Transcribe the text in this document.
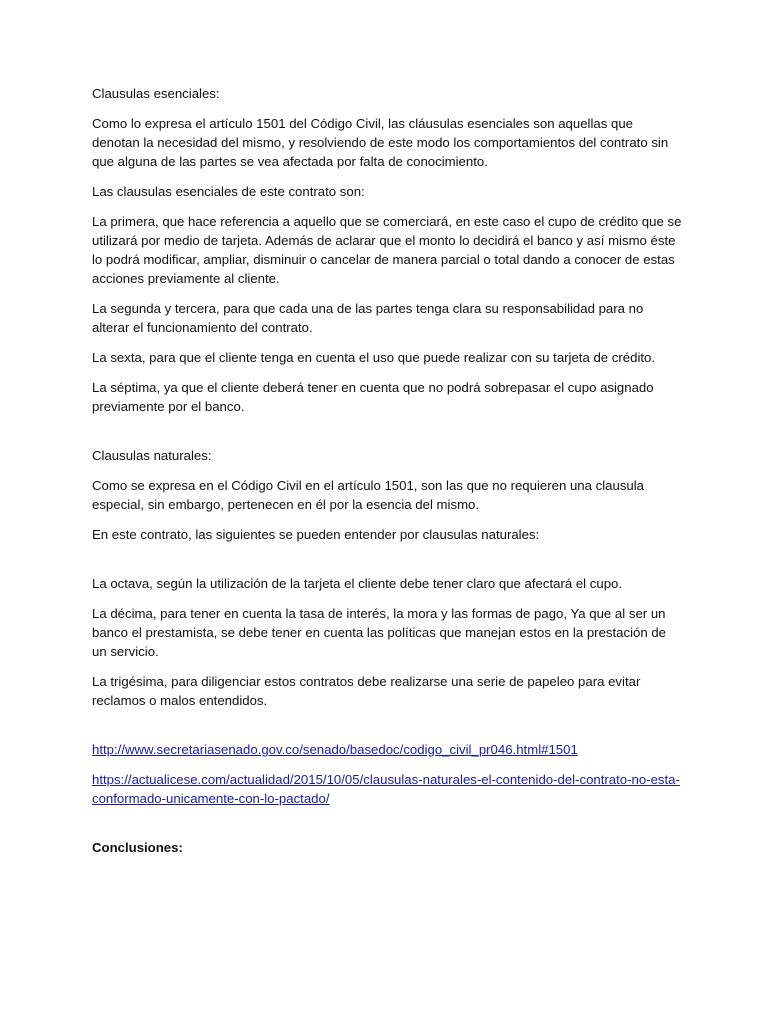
Clausulas esenciales:

Como lo expresa el artículo 1501 del Código Civil, las cláusulas esenciales son aquellas que denotan la necesidad del mismo, y resolviendo de este modo los comportamientos del contrato sin que alguna de las partes se vea afectada por falta de conocimiento.

Las clausulas esenciales de este contrato son:

La primera, que hace referencia a aquello que se comerciará, en este caso el cupo de crédito que se utilizará por medio de tarjeta. Además de aclarar que el monto lo decidirá el banco y así mismo éste lo podrá modificar, ampliar, disminuir o cancelar de manera parcial o total dando a conocer de estas acciones previamente al cliente.

La segunda y tercera, para que cada una de las partes tenga clara su responsabilidad para no alterar el funcionamiento del contrato.

La sexta, para que el cliente tenga en cuenta el uso que puede realizar con su tarjeta de crédito.

La séptima, ya que el cliente deberá tener en cuenta que no podrá sobrepasar el cupo asignado previamente por el banco.

Clausulas naturales:

Como se expresa en el Código Civil en el artículo 1501, son las que no requieren una clausula especial, sin embargo, pertenecen en él por la esencia del mismo.

En este contrato, las siguientes se pueden entender por clausulas naturales:

La octava, según la utilización de la tarjeta el cliente debe tener claro que afectará el cupo.

La décima, para tener en cuenta la tasa de interés, la mora y las formas de pago, Ya que al ser un banco el prestamista, se debe tener en cuenta las políticas que manejan estos en la prestación de un servicio.

La trigésima, para diligenciar estos contratos debe realizarse una serie de papeleo para evitar reclamos o malos entendidos.

http://www.secretariasenado.gov.co/senado/basedoc/codigo_civil_pr046.html#1501

https://actualicese.com/actualidad/2015/10/05/clausulas-naturales-el-contenido-del-contrato-no-esta-conformado-unicamente-con-lo-pactado/

Conclusiones:
